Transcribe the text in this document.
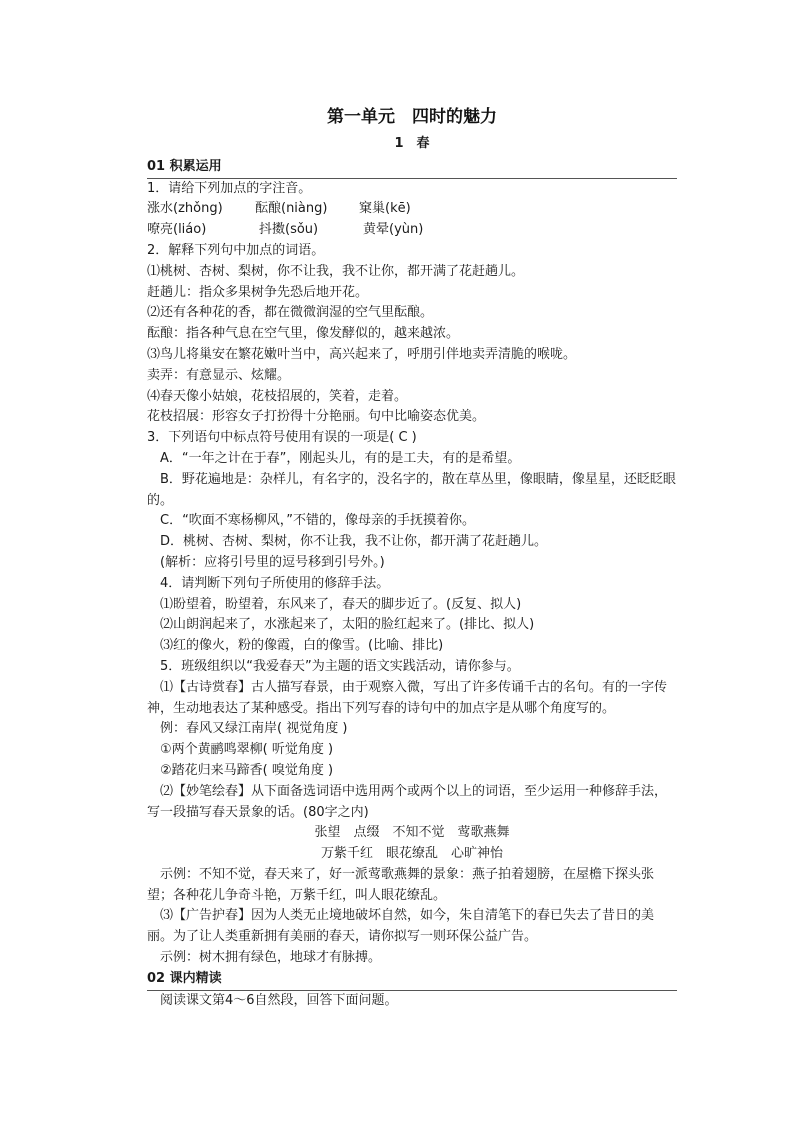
第一单元　四时的魅力
1　春
01 积累运用
1．请给下列加点的字注音。
涨水(zhǒng) 酝酿(niàng) 窠巢(kē)
嘹亮(liáo)	抖擞(sǒu)	黄晕(yùn)
2．解释下列句中加点的词语。
⑴桃树、杏树、梨树，你不让我，我不让你，都开满了花赶趟儿。
赶趟儿：指众多果树争先恐后地开花。
⑵还有各种花的香，都在微微润湿的空气里酝酿。
酝酿：指各种气息在空气里，像发酵似的，越来越浓。
⑶鸟儿将巢安在繁花嫩叶当中，高兴起来了，呼朋引伴地卖弄清脆的喉咙。
卖弄：有意显示、炫耀。
⑷春天像小姑娘，花枝招展的，笑着，走着。
花枝招展：形容女子打扮得十分艳丽。句中比喻姿态优美。
3．下列语句中标点符号使用有误的一项是( C )
A．“一年之计在于春”，刚起头儿，有的是工夫，有的是希望。
B．野花遍地是：杂样儿，有名字的，没名字的，散在草丛里，像眼睛，像星星，还眨眨眼的。
C．“吹面不寒杨柳风，”不错的，像母亲的手抚摸着你。
D．桃树、杏树、梨树，你不让我，我不让你，都开满了花赶趟儿。
(解析：应将引号里的逗号移到引号外。)
4．请判断下列句子所使用的修辞手法。
⑴盼望着，盼望着，东风来了，春天的脚步近了。(反复、拟人)
⑵山朗润起来了，水涨起来了，太阳的脸红起来了。(排比、拟人)
⑶红的像火，粉的像霞，白的像雪。(比喻、排比)
5．班级组织以“我爱春天”为主题的语文实践活动，请你参与。
⑴【古诗赏春】古人描写春景，由于观察入微，写出了许多传诵千古的名句。有的一字传神，生动地表达了某种感受。指出下列写春的诗句中的加点字是从哪个角度写的。
例：春风又绿江南岸( 视觉角度 )
①两个黄鹂鸣翠柳( 听觉角度 )
②踏花归来马蹄香( 嗅觉角度 )
⑵【妙笔绘春】从下面备选词语中选用两个或两个以上的词语，至少运用一种修辞手法，写一段描写春天景象的话。(80字之内)
张望　点缀　不知不觉　莺歌燕舞
万紫千红　眼花缭乱　心旷神怡
示例：不知不觉，春天来了，好一派莺歌燕舞的景象：燕子拍着翅膀，在屋檐下探头张望；各种花儿争奇斗艳，万紫千红，叫人眼花缭乱。
⑶【广告护春】因为人类无止境地破坏自然，如今，朱自清笔下的春已失去了昔日的美丽。为了让人类重新拥有美丽的春天，请你拟写一则环保公益广告。
示例：树木拥有绿色，地球才有脉搏。
02 课内精读
阅读课文第4～6自然段，回答下面问题。
